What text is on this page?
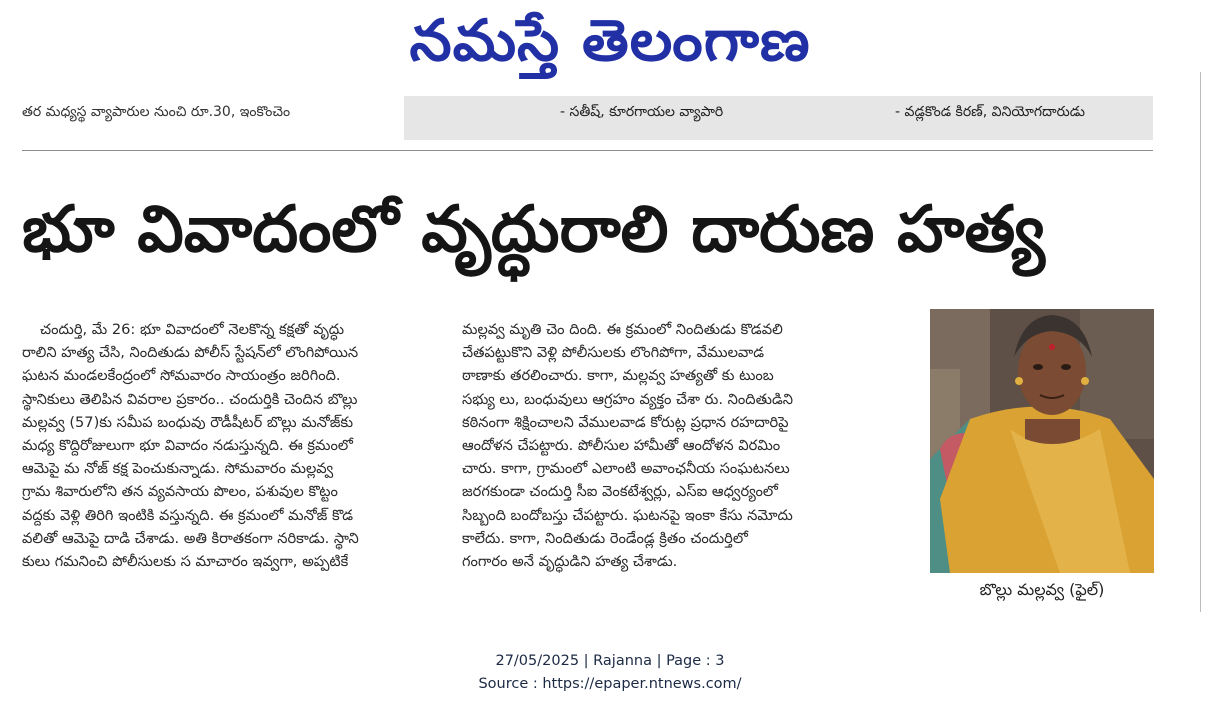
నమస్తే తెలంగాణ
తర మధ్యస్థ వ్యాపారుల నుంచి రూ.30, ఇంకొంచెం	- సతీష్, కూరగాయల వ్యాపారి	- వడ్లకొండ కిరణ్, వినియోగదారుడు
భూ వివాదంలో వృద్ధురాలి దారుణ హత్య

చందుర్తి, మే 26: భూ వివాదంలో నెలకొన్న కక్షతో వృద్ధు

రాలిని హత్య చేసి, నిందితుడు పోలీస్ స్టేషన్‌లో లొంగిపోయిన

ఘటన మండలకేంద్రంలో సోమవారం సాయంత్రం జరిగింది.

స్థానికులు తెలిపిన వివరాల ప్రకారం.. చందుర్తికి చెందిన బొల్లు

మల్లవ్వ (57)కు సమీప బంధువు రౌడీషీటర్ బొల్లు మనోజ్‌కు

మధ్య కొద్దిరోజులుగా భూ వివాదం నడుస్తున్నది. ఈ క్రమంలో

ఆమెపై మ నోజ్ కక్ష పెంచుకున్నాడు. సోమవారం మల్లవ్వ

గ్రామ శివారులోని తన వ్యవసాయ పొలం, పశువుల కొట్టం

వద్దకు వెళ్లి తిరిగి ఇంటికి వస్తున్నది. ఈ క్రమంలో మనోజ్ కొడ

వలితో ఆమెపై దాడి చేశాడు. అతి కిరాతకంగా నరికాడు. స్థాని

కులు గమనించి పోలీసులకు స మాచారం ఇవ్వగా, అప్పటికే

మల్లవ్వ మృతి చెం దింది. ఈ క్రమంలో నిందితుడు కొడవలి

చేతపట్టుకొని వెళ్లి పోలీసులకు లొంగిపోగా, వేములవాడ

ఠాణాకు తరలించారు. కాగా, మల్లవ్వ హత్యతో కు టుంబ

సభ్యు లు, బంధువులు ఆగ్రహం వ్యక్తం చేశా రు. నిందితుడిని

కఠినంగా శిక్షించాలని వేములవాడ కోరుట్ల ప్రధాన రహదారిపై

ఆందోళన చేపట్టారు. పోలీసుల హామీతో ఆందోళన విరమిం

చారు. కాగా, గ్రామంలో ఎలాంటి అవాంఛనీయ సంఘటనలు

జరగకుండా చందుర్తి సీఐ వెంకటేశ్వర్లు, ఎస్ఐ ఆధ్వర్యంలో

సిబ్బంది బందోబస్తు చేపట్టారు. ఘటనపై ఇంకా కేసు నమోదు

కాలేదు. కాగా, నిందితుడు రెండేండ్ల క్రితం చందుర్తిలో

గంగారం అనే వృద్ధుడిని హత్య చేశాడు.

బొల్లు మల్లవ్వ (ఫైల్)
27/05/2025 | Rajanna | Page : 3
Source : https://epaper.ntnews.com/
